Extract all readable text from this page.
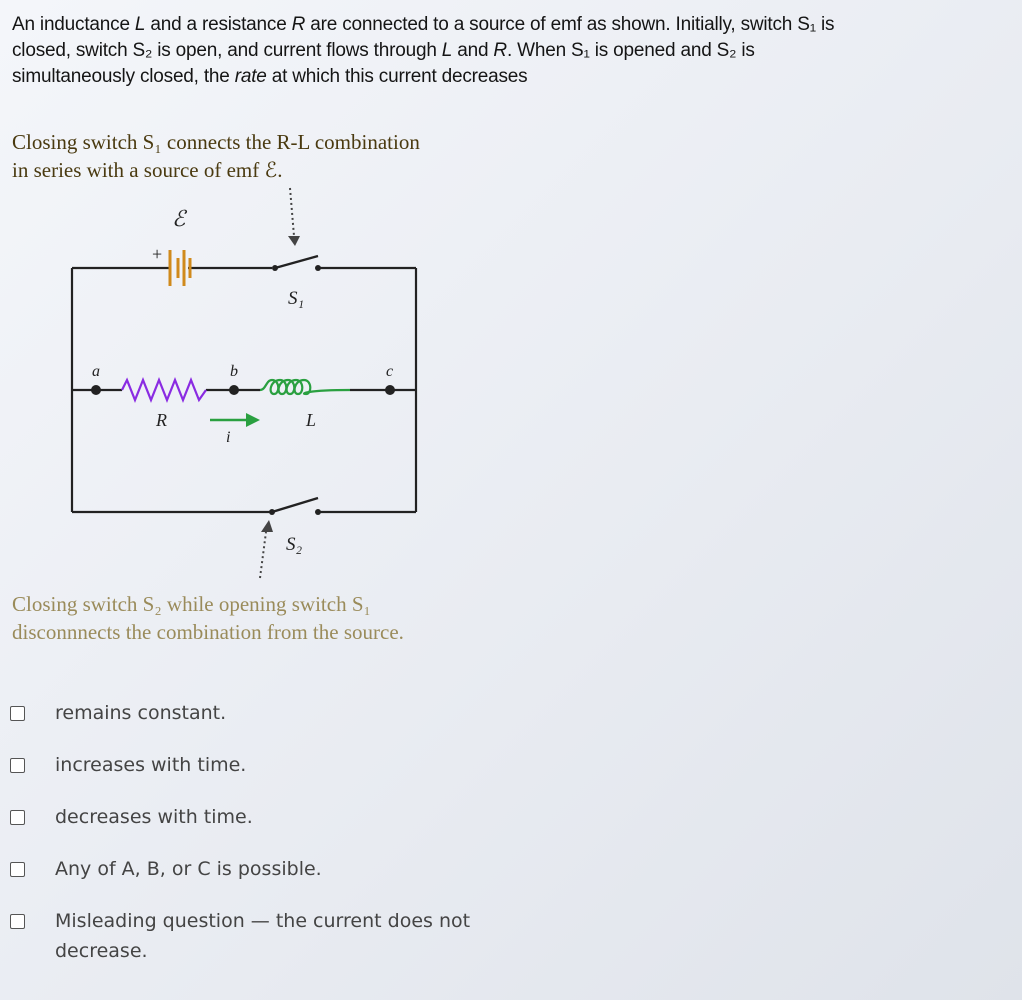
An inductance L and a resistance R are connected to a source of emf as shown. Initially, switch S₁ is
closed, switch S₂ is open, and current flows through L and R. When S₁ is opened and S₂ is
simultaneously closed, the rate at which this current decreases
Closing switch S₁ connects the R-L combination
in series with a source of emf ℰ.
ℰ
+
S₁
S₂
a	b	c
R	L
i
Closing switch S₂ while opening switch S₁
disconnnects the combination from the source.
remains constant.
increases with time.
decreases with time.
Any of A, B, or C is possible.
Misleading question — the current does not decrease.
